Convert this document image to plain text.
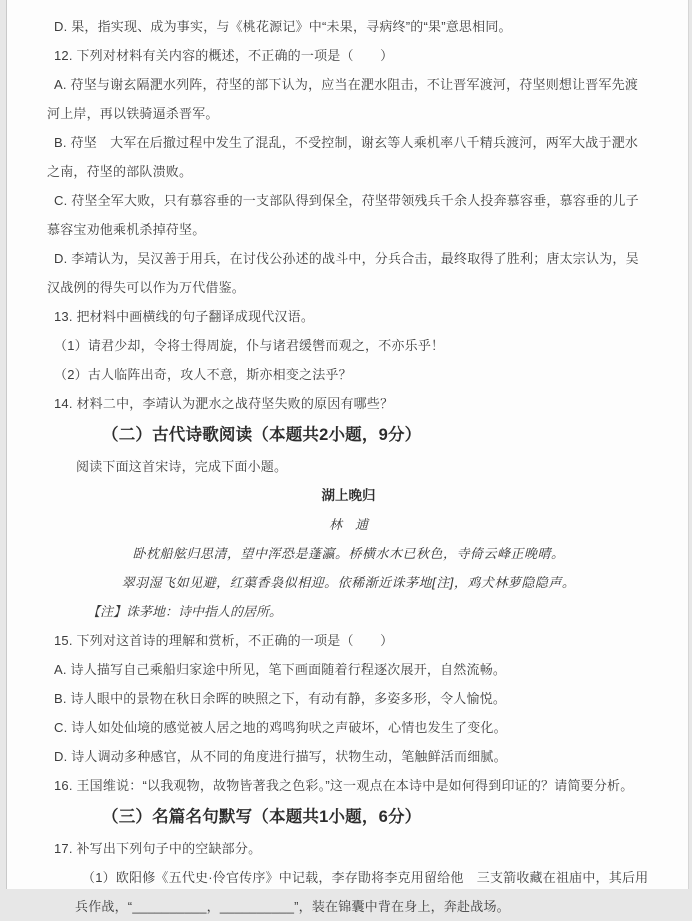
D. 果，指实现、成为事实，与《桃花源记》中“未果，寻病终”的“果”意思相同。

12. 下列对材料有关内容的概述，不正确的一项是（　　）

A. 苻坚与谢玄隔淝水列阵，苻坚的部下认为，应当在淝水阻击，不让晋军渡河，苻坚则想让晋军先渡河上岸，再以铁骑逼杀晋军。

B. 苻坚　大军在后撤过程中发生了混乱，不受控制，谢玄等人乘机率八千精兵渡河，两军大战于淝水之南，苻坚的部队溃败。

C. 苻坚全军大败，只有慕容垂的一支部队得到保全，苻坚带领残兵千余人投奔慕容垂，慕容垂的儿子慕容宝劝他乘机杀掉苻坚。

D. 李靖认为，吴汉善于用兵，在讨伐公孙述的战斗中，分兵合击，最终取得了胜利；唐太宗认为，吴汉战例的得失可以作为万代借鉴。

13. 把材料中画横线的句子翻译成现代汉语。

（1）请君少却，令将士得周旋，仆与诸君缓辔而观之，不亦乐乎！

（2）古人临阵出奇，攻人不意，斯亦相变之法乎？

14. 材料二中，李靖认为淝水之战苻坚失败的原因有哪些？

（二）古代诗歌阅读（本题共2小题，9分）

阅读下面这首宋诗，完成下面小题。

湖上晚归

林　逋

卧枕船舷归思清，望中浑恐是蓬瀛。桥横水木已秋色，寺倚云峰正晚晴。

翠羽湿飞如见避，红蕖香袅似相迎。依稀渐近诛茅地[注]，鸡犬林萝隐隐声。

【注】诛茅地：诗中指人的居所。

15. 下列对这首诗的理解和赏析，不正确的一项是（　　）

A. 诗人描写自己乘船归家途中所见，笔下画面随着行程逐次展开，自然流畅。

B. 诗人眼中的景物在秋日余晖的映照之下，有动有静，多姿多形，令人愉悦。

C. 诗人如处仙境的感觉被人居之地的鸡鸣狗吠之声破坏，心情也发生了变化。

D. 诗人调动多种感官，从不同的角度进行描写，状物生动，笔触鲜活而细腻。

16. 王国维说：“以我观物，故物皆著我之色彩。”这一观点在本诗中是如何得到印证的？请简要分析。

（三）名篇名句默写（本题共1小题，6分）

17. 补写出下列句子中的空缺部分。

（1）欧阳修《五代史·伶官传序》中记载，李存勖将李克用留给他　三支箭收藏在祖庙中，其后用兵作战，“__________，__________”，装在锦囊中背在身上，奔赴战场。
